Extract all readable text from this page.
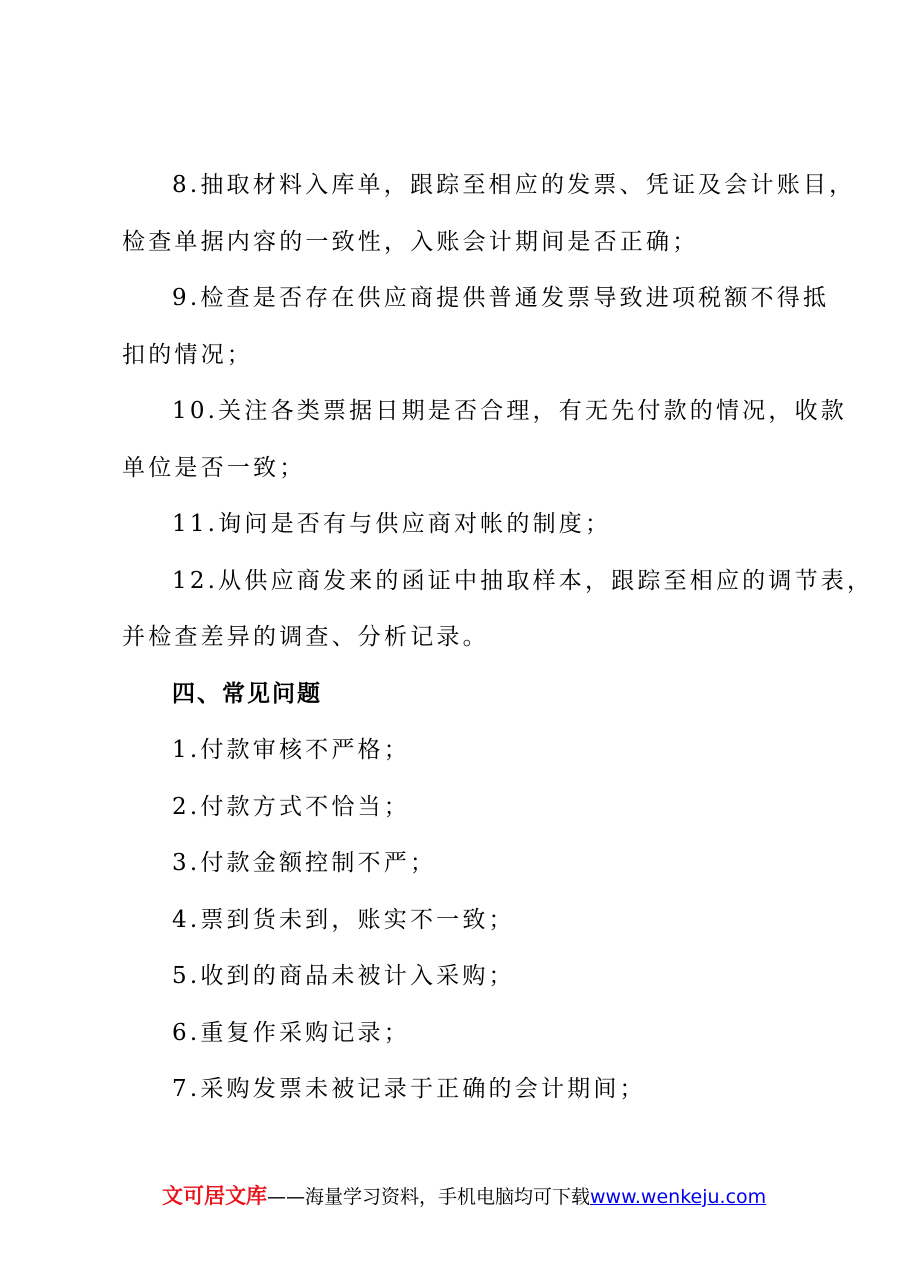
8.抽取材料入库单，跟踪至相应的发票、凭证及会计账目，
检查单据内容的一致性，入账会计期间是否正确；
9.检查是否存在供应商提供普通发票导致进项税额不得抵
扣的情况；
10.关注各类票据日期是否合理，有无先付款的情况，收款
单位是否一致；
11.询问是否有与供应商对帐的制度；
12.从供应商发来的函证中抽取样本，跟踪至相应的调节表，
并检查差异的调查、分析记录。
四、常见问题
1.付款审核不严格；
2.付款方式不恰当；
3.付款金额控制不严；
4.票到货未到，账实不一致；
5.收到的商品未被计入采购；
6.重复作采购记录；
7.采购发票未被记录于正确的会计期间；
文可居文库——海量学习资料，手机电脑均可下载www.wenkeju.com
